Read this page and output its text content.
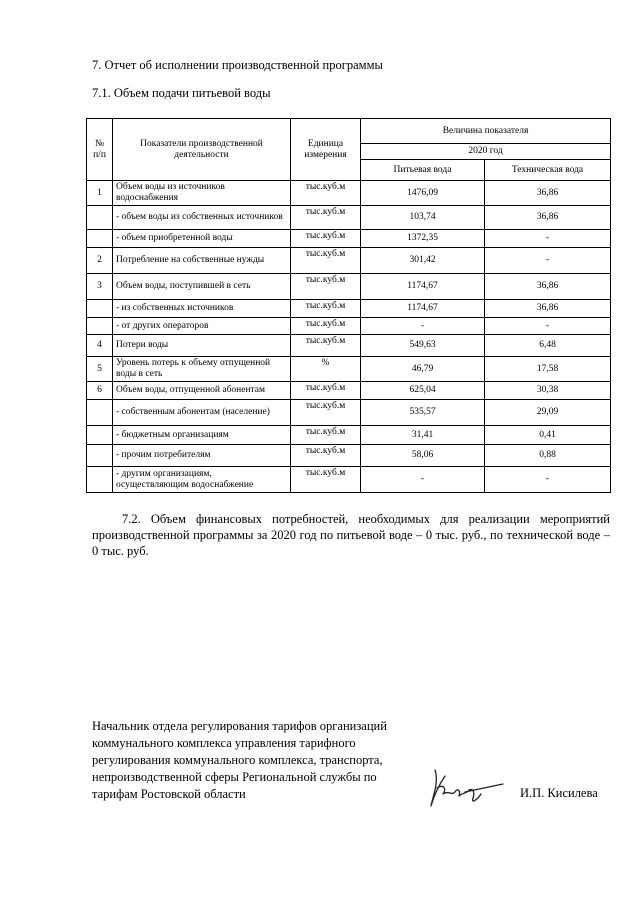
7. Отчет об исполнении производственной программы
7.1. Объем подачи питьевой воды
№
п/п	Показатели производственной деятельности	Единица измерения	Величина показателя	
			2020 год	
			Питьевая вода	Техническая вода
1	Объем воды из источников водоснабжения	тыс.куб.м	1476,09	36,86
	- объем воды из собственных источников	тыс.куб.м	103,74	36,86
	- объем приобретенной воды	тыс.куб.м	1372,35	-
2	Потребление на собственные нужды	тыс.куб.м	301,42	-
3	Объем воды, поступившей в сеть	тыс.куб.м	1174,67	36,86
	- из собственных источников	тыс.куб.м	1174,67	36,86
	- от других операторов	тыс.куб.м	-	-
4	Потери воды	тыс.куб.м	549,63	6,48
5	Уровень потерь к объему отпущенной воды в сеть	%	46,79	17,58
6	Объем воды, отпущенной абонентам	тыс.куб.м	625,04	30,38
	- собственным абонентам (население)	тыс.куб.м	535,57	29,09
	- бюджетным организациям	тыс.куб.м	31,41	0,41
	- прочим потребителям	тыс.куб.м	58,06	0,88
	- другим организациям, осуществляющим водоснабжение	тыс.куб.м	-	-
7.2. Объем финансовых потребностей, необходимых для реализации мероприятий производственной программы за 2020 год по питьевой воде – 0 тыс. руб., по технической воде – 0 тыс. руб.
Начальник отдела регулирования тарифов организаций
коммунального комплекса управления тарифного
регулирования коммунального комплекса, транспорта,
непроизводственной сферы Региональной службы по
тарифам Ростовской области	И.П. Кисилева
